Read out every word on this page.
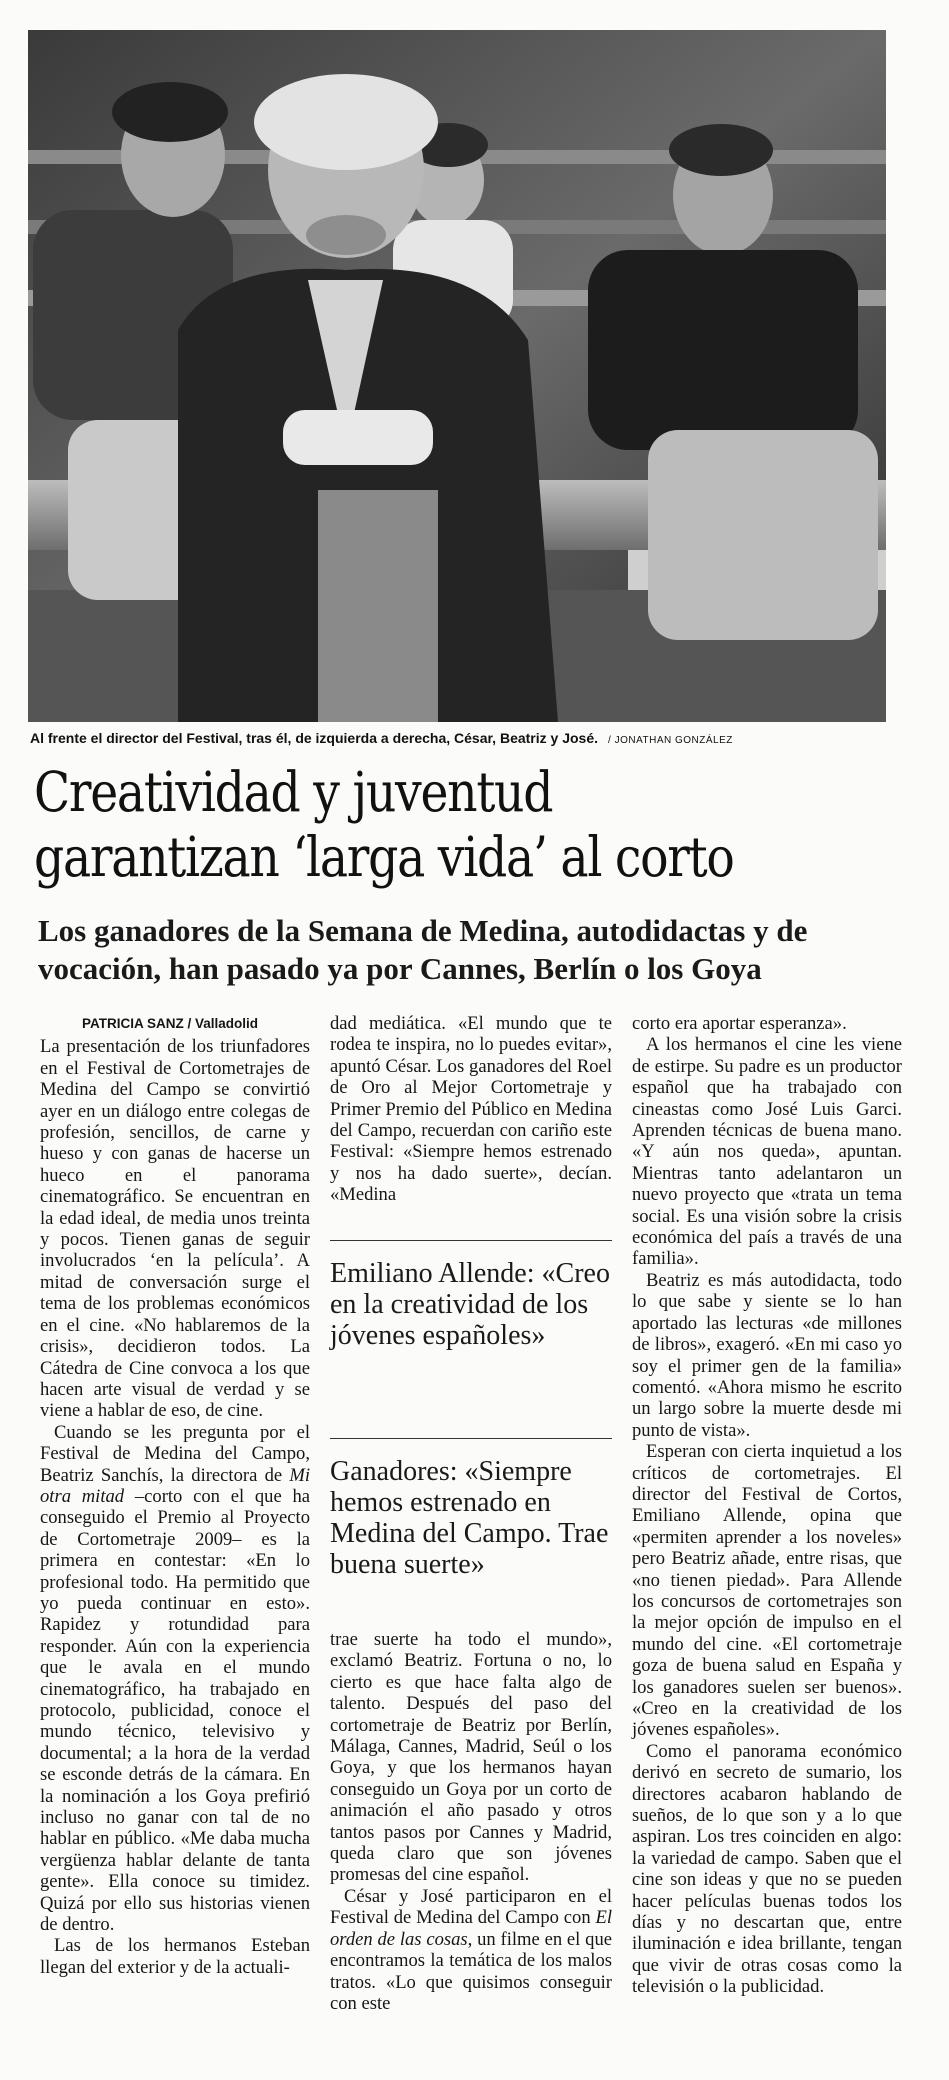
Al frente el director del Festival, tras él, de izquierda a derecha, César, Beatriz y José. / JONATHAN GONZÁLEZ
Creatividad y juventud
garantizan ‘larga vida’ al corto
Los ganadores de la Semana de Medina, autodidactas y de
vocación, han pasado ya por Cannes, Berlín o los Goya

PATRICIA SANZ / Valladolid

La presentación de los triunfadores en el Festival de Cortometrajes de Medina del Campo se convirtió ayer en un diálogo entre colegas de profesión, sencillos, de carne y hueso y con ganas de hacerse un hueco en el panorama cinematográfico. Se encuentran en la edad ideal, de media unos treinta y pocos. Tienen ganas de seguir involucrados ‘en la película’. A mitad de conversación surge el tema de los problemas económicos en el cine. «No hablaremos de la crisis», decidieron todos. La Cátedra de Cine convoca a los que hacen arte visual de verdad y se viene a hablar de eso, de cine.

Cuando se les pregunta por el Festival de Medina del Campo, Beatriz Sanchís, la directora de Mi otra mitad –corto con el que ha conseguido el Premio al Proyecto de Cortometraje 2009– es la primera en contestar: «En lo profesional todo. Ha permitido que yo pueda continuar en esto». Rapidez y rotundidad para responder. Aún con la experiencia que le avala en el mundo cinematográfico, ha trabajado en protocolo, publicidad, conoce el mundo técnico, televisivo y documental; a la hora de la verdad se esconde detrás de la cámara. En la nominación a los Goya prefirió incluso no ganar con tal de no hablar en público. «Me daba mucha vergüenza hablar delante de tanta gente». Ella conoce su timidez. Quizá por ello sus historias vienen de dentro.

Las de los hermanos Esteban llegan del exterior y de la actuali-

dad mediática. «El mundo que te rodea te inspira, no lo puedes evitar», apuntó César. Los ganadores del Roel de Oro al Mejor Cortometraje y Primer Premio del Público en Medina del Campo, recuerdan con cariño este Festival: «Siempre hemos estrenado y nos ha dado suerte», decían. «Medina

Emiliano Allende: «Creo en la creatividad de los jóvenes españoles»

Ganadores: «Siempre hemos estrenado en Medina del Campo. Trae buena suerte»

trae suerte ha todo el mundo», exclamó Beatriz. Fortuna o no, lo cierto es que hace falta algo de talento. Después del paso del cortometraje de Beatriz por Berlín, Málaga, Cannes, Madrid, Seúl o los Goya, y que los hermanos hayan conseguido un Goya por un corto de animación el año pasado y otros tantos pasos por Cannes y Madrid, queda claro que son jóvenes promesas del cine español.

César y José participaron en el Festival de Medina del Campo con El orden de las cosas, un filme en el que encontramos la temática de los malos tratos. «Lo que quisimos conseguir con este

corto era aportar esperanza».

A los hermanos el cine les viene de estirpe. Su padre es un productor español que ha trabajado con cineastas como José Luis Garci. Aprenden técnicas de buena mano. «Y aún nos queda», apuntan. Mientras tanto adelantaron un nuevo proyecto que «trata un tema social. Es una visión sobre la crisis económica del país a través de una familia».

Beatriz es más autodidacta, todo lo que sabe y siente se lo han aportado las lecturas «de millones de libros», exageró. «En mi caso yo soy el primer gen de la familia» comentó. «Ahora mismo he escrito un largo sobre la muerte desde mi punto de vista».

Esperan con cierta inquietud a los críticos de cortometrajes. El director del Festival de Cortos, Emiliano Allende, opina que «permiten aprender a los noveles» pero Beatriz añade, entre risas, que «no tienen piedad». Para Allende los concursos de cortometrajes son la mejor opción de impulso en el mundo del cine. «El cortometraje goza de buena salud en España y los ganadores suelen ser buenos». «Creo en la creatividad de los jóvenes españoles».

Como el panorama económico derivó en secreto de sumario, los directores acabaron hablando de sueños, de lo que son y a lo que aspiran. Los tres coinciden en algo: la variedad de campo. Saben que el cine son ideas y que no se pueden hacer películas buenas todos los días y no descartan que, entre iluminación e idea brillante, tengan que vivir de otras cosas como la televisión o la publicidad.
